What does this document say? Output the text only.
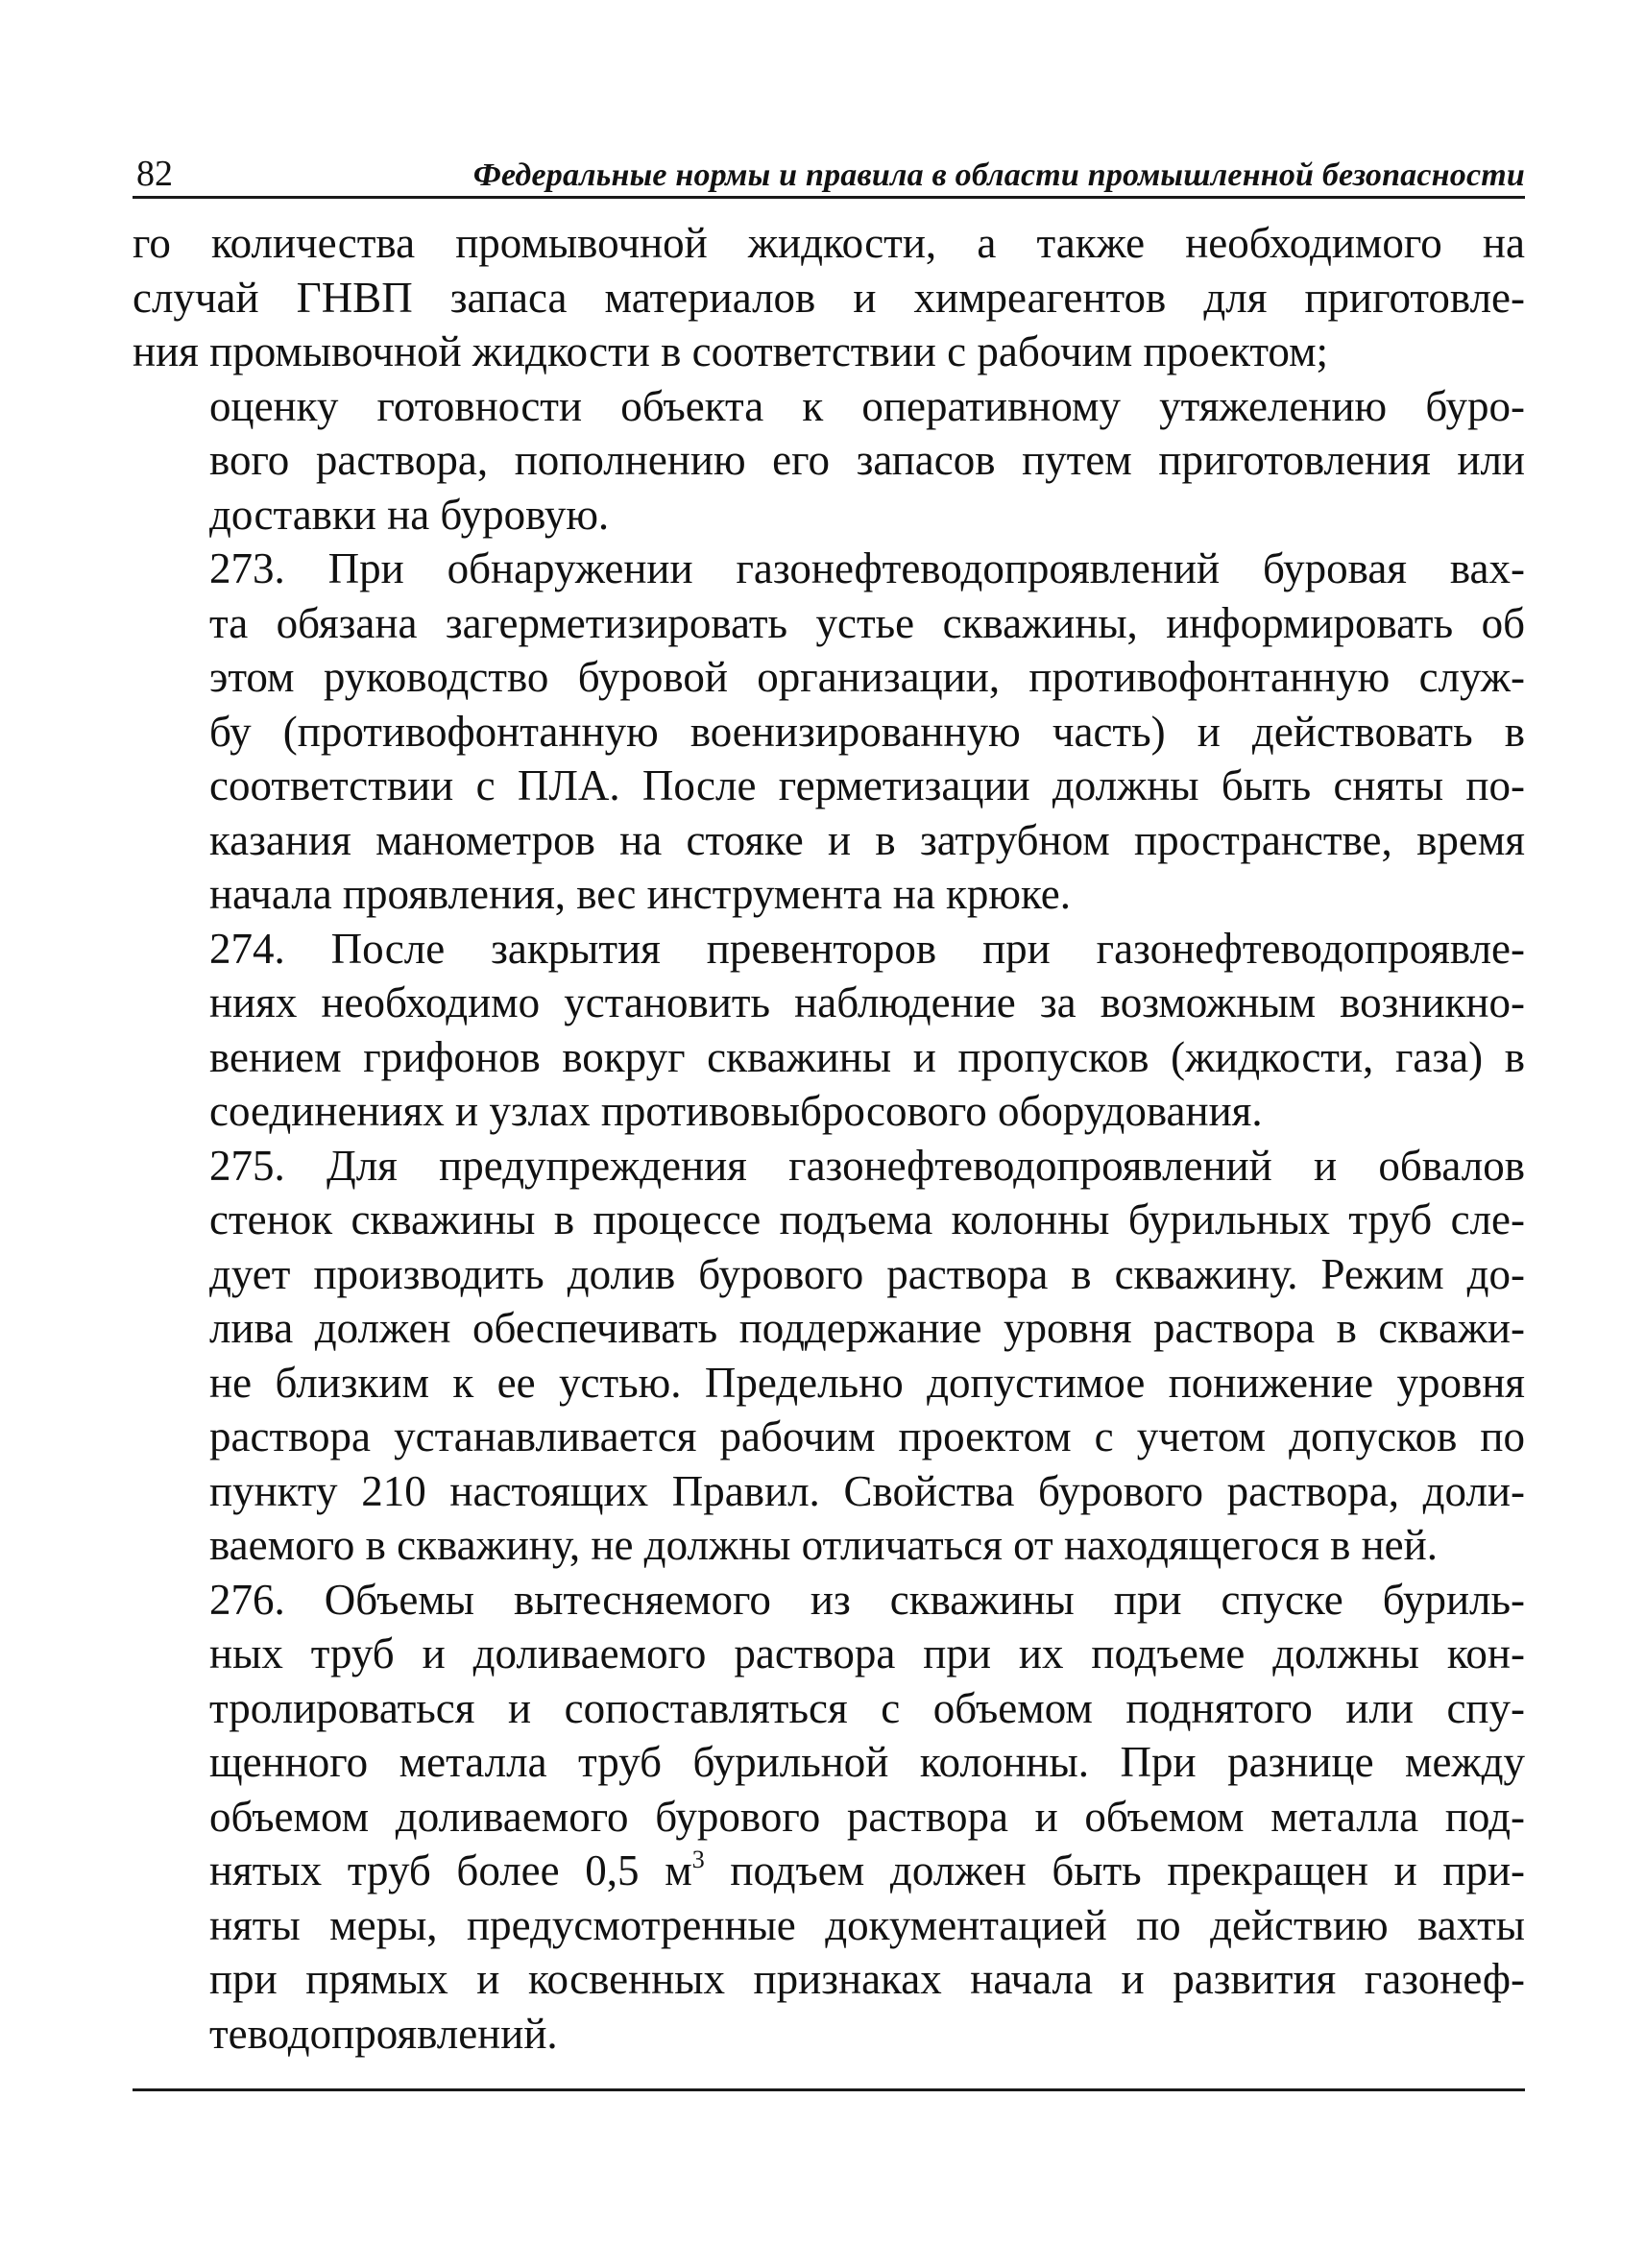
82	Федеральные нормы и правила в области промышленной безопасности

го количества промывочной жидкости, а также необходимого на
случай ГНВП запаса материалов и химреагентов для приготовле-
ния промывочной жидкости в соответствии с рабочим проектом;

оценку готовности объекта к оперативному утяжелению буро-
вого раствора, пополнению его запасов путем приготовления или
доставки на буровую.

273. При обнаружении газонефтеводопроявлений буровая вах-
та обязана загерметизировать устье скважины, информировать об
этом руководство буровой организации, противофонтанную служ-
бу (противофонтанную военизированную часть) и действовать в
соответствии с ПЛА. После герметизации должны быть сняты по-
казания манометров на стояке и в затрубном пространстве, время
начала проявления, вес инструмента на крюке.

274. После закрытия превенторов при газонефтеводопроявле-
ниях необходимо установить наблюдение за возможным возникно-
вением грифонов вокруг скважины и пропусков (жидкости, газа) в
соединениях и узлах противовыбросового оборудования.

275. Для предупреждения газонефтеводопроявлений и обвалов
стенок скважины в процессе подъема колонны бурильных труб сле-
дует производить долив бурового раствора в скважину. Режим до-
лива должен обеспечивать поддержание уровня раствора в скважи-
не близким к ее устью. Предельно допустимое понижение уровня
раствора устанавливается рабочим проектом с учетом допусков по
пункту 210 настоящих Правил. Свойства бурового раствора, доли-
ваемого в скважину, не должны отличаться от находящегося в ней.

276. Объемы вытесняемого из скважины при спуске буриль-
ных труб и доливаемого раствора при их подъеме должны кон-
тролироваться и сопоставляться с объемом поднятого или спу-
щенного металла труб бурильной колонны. При разнице между
объемом доливаемого бурового раствора и объемом металла под-
нятых труб более 0,5 $м^3$ подъем должен быть прекращен и при-
няты меры, предусмотренные документацией по действию вахты
при прямых и косвенных признаках начала и развития газонеф-
теводопроявлений.
